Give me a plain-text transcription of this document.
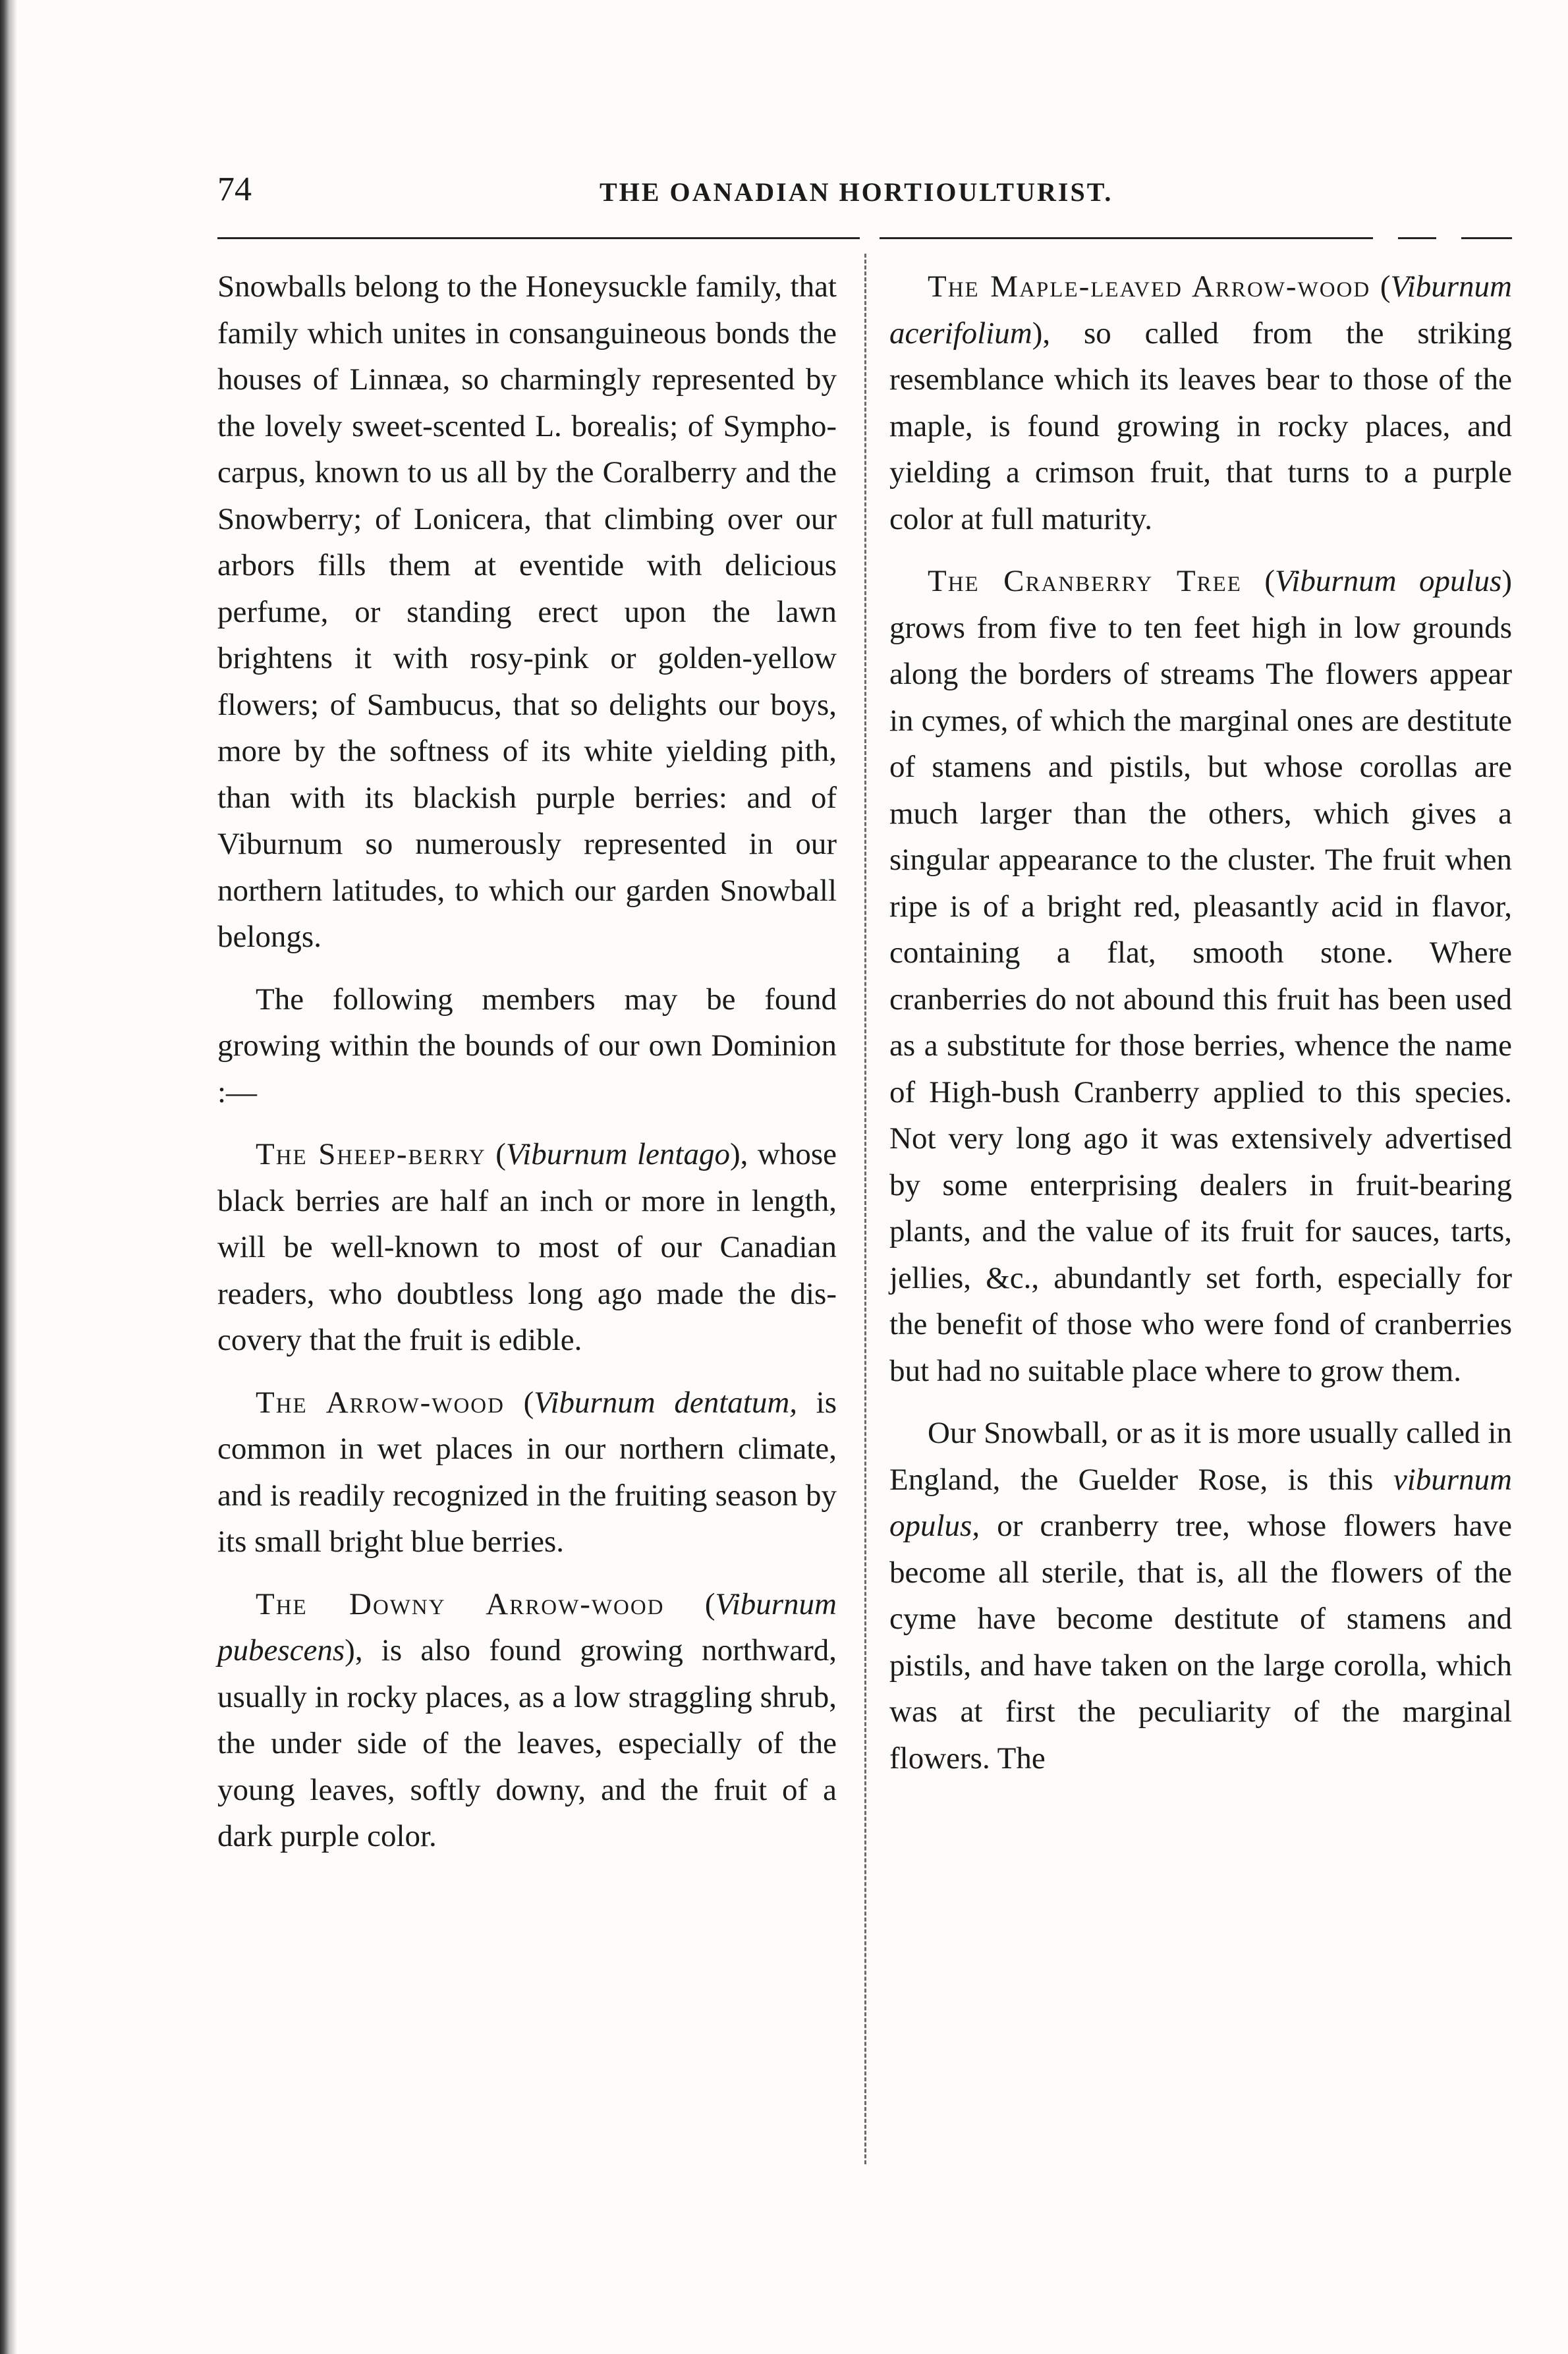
74	THE OANADIAN HORTIOULTURIST.

Snowballs belong to the Honeysuckle family, that family which unites in consanguineous bonds the houses of Linnæa, so charmingly represented by the lovely sweet-scented L. borealis; of Symphocarpus, known to us all by the Coralberry and the Snowberry; of Lonicera, that climbing over our arbors fills them at eventide with delicious perfume, or standing erect upon the lawn brightens it with rosy-pink or golden-yellow flowers; of Sambucus, that so delights our boys, more by the softness of its white yielding pith, than with its blackish purple berries: and of Viburnum so numerously represented in our northern latitudes, to which our garden Snowball belongs.

The following members may be found growing within the bounds of our own Dominion :—

The Sheep-berry (Viburnum lentago), whose black berries are half an inch or more in length, will be well-known to most of our Canadian readers, who doubtless long ago made the discovery that the fruit is edible.

The Arrow-wood (Viburnum dentatum, is common in wet places in our northern climate, and is readily recognized in the fruiting season by its small bright blue berries.

The Downy Arrow-wood (Viburnum pubescens), is also found growing northward, usually in rocky places, as a low straggling shrub, the under side of the leaves, especially of the young leaves, softly downy, and the fruit of a dark purple color.

The Maple-leaved Arrow-wood (Viburnum acerifolium), so called from the striking resemblance which its leaves bear to those of the maple, is found growing in rocky places, and yielding a crimson fruit, that turns to a purple color at full maturity.

The Cranberry Tree (Viburnum opulus) grows from five to ten feet high in low grounds along the borders of streams The flowers appear in cymes, of which the marginal ones are destitute of stamens and pistils, but whose corollas are much larger than the others, which gives a singular appearance to the cluster. The fruit when ripe is of a bright red, pleasantly acid in flavor, containing a flat, smooth stone. Where cranberries do not abound this fruit has been used as a substitute for those berries, whence the name of High-bush Cranberry applied to this species. Not very long ago it was extensively advertised by some enterprising dealers in fruit-bearing plants, and the value of its fruit for sauces, tarts, jellies, &c., abundantly set forth, especially for the benefit of those who were fond of cranberries but had no suitable place where to grow them.

Our Snowball, or as it is more usually called in England, the Guelder Rose, is this viburnum opulus, or cranberry tree, whose flowers have become all sterile, that is, all the flowers of the cyme have become destitute of stamens and pistils, and have taken on the large corolla, which was at first the peculiarity of the marginal flowers. The
